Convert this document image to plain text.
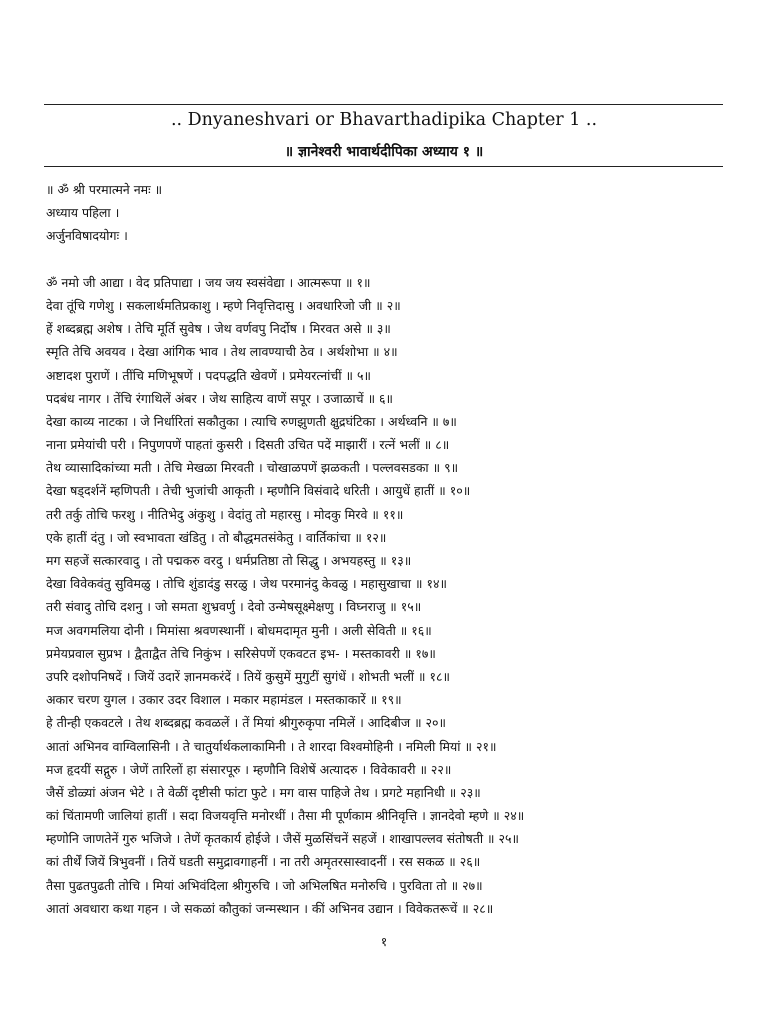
.. Dnyaneshvari or Bhavarthadipika Chapter 1 ..
॥ ज्ञानेश्वरी भावार्थदीपिका अध्याय १ ॥
॥ ॐ श्री परमात्मने नमः ॥
अध्याय पहिला ।
अर्जुनविषादयोगः ।
ॐ नमो जी आद्या । वेद प्रतिपाद्या । जय जय स्वसंवेद्या । आत्मरूपा ॥ १॥
देवा तूंचि गणेशु । सकलार्थमतिप्रकाशु । म्हणे निवृत्तिदासु । अवधारिजो जी ॥ २॥
हें शब्दब्रह्म अशेष । तेचि मूर्ति सुवेष । जेथ वर्णवपु निर्दोष । मिरवत असे ॥ ३॥
स्मृति तेचि अवयव । देखा आंगिक भाव । तेथ लावण्याची ठेव । अर्थशोभा ॥ ४॥
अष्टादश पुराणें । तींचि मणिभूषणें । पदपद्धति खेवणें । प्रमेयरत्नांचीं ॥ ५॥
पदबंध नागर । तेंचि रंगाथिलें अंबर । जेथ साहित्य वाणें सपूर । उजाळाचें ॥ ६॥
देखा काव्य नाटका । जे निर्धारितां सकौतुका । त्याचि रुणझुणती क्षुद्रघंटिका । अर्थध्वनि ॥ ७॥
नाना प्रमेयांची परी । निपुणपणें पाहतां कुसरी । दिसती उचित पदें माझारीं । रत्नें भलीं ॥ ८॥
तेथ व्यासादिकांच्या मती । तेचि मेखळा मिरवती । चोखाळपणें झळकती । पल्लवसडका ॥ ९॥
देखा षड्दर्शनें म्हणिपती । तेची भुजांची आकृती । म्हणौनि विसंवादे धरिती । आयुधें हातीं ॥ १०॥
तरी तर्कु तोचि फरशु । नीतिभेदु अंकुशु । वेदांतु तो महारसु । मोदकु मिरवे ॥ ११॥
एके हातीं दंतु । जो स्वभावता खंडितु । तो बौद्धमतसंकेतु । वार्तिकांचा ॥ १२॥
मग सहजें सत्कारवादु । तो पद्मकरु वरदु । धर्मप्रतिष्ठा तो सिद्धु । अभयहस्तु ॥ १३॥
देखा विवेकवंतु सुविमळु । तोचि शुंडादंडु सरळु । जेथ परमानंदु केवळु । महासुखाचा ॥ १४॥
तरी संवादु तोचि दशनु । जो समता शुभ्रवर्णु । देवो उन्मेषसूक्ष्मेक्षणु । विघ्नराजु ॥ १५॥
मज अवगमलिया दोनी । मिमांसा श्रवणस्थानीं । बोधमदामृत मुनी । अली सेविती ॥ १६॥
प्रमेयप्रवाल सुप्रभ । द्वैताद्वैत तेचि निकुंभ । सरिसेपणें एकवटत इभ- । मस्तकावरी ॥ १७॥
उपरि दशोपनिषदें । जियें उदारें ज्ञानमकरंदें । तियें कुसुमें मुगुटीं सुगंधें । शोभती भलीं ॥ १८॥
अकार चरण युगल । उकार उदर विशाल । मकार महामंडल । मस्तकाकारें ॥ १९॥
हे तीन्ही एकवटले । तेथ शब्दब्रह्म कवळलें । तें मियां श्रीगुरुकृपा नमिलें । आदिबीज ॥ २०॥
आतां अभिनव वाग्विलासिनी । ते चातुर्यार्थकलाकामिनी । ते शारदा विश्वमोहिनी । नमिली मियां ॥ २१॥
मज हृदयीं सद्गुरु । जेणें तारिलों हा संसारपूरु । म्हणौनि विशेषें अत्यादरु । विवेकावरी ॥ २२॥
जैसें डोळ्यां अंजन भेटे । ते वेळीं दृष्टीसी फांटा फुटे । मग वास पाहिजे तेथ । प्रगटे महानिधी ॥ २३॥
कां चिंतामणी जालियां हातीं । सदा विजयवृत्ति मनोरथीं । तैसा मी पूर्णकाम श्रीनिवृत्ति । ज्ञानदेवो म्हणे ॥ २४॥
म्हणोनि जाणतेनें गुरु भजिजे । तेणें कृतकार्य होईजे । जैसें मुळसिंचनें सहजें । शाखापल्लव संतोषती ॥ २५॥
कां तीर्थें जियें त्रिभुवनीं । तियें घडती समुद्रावगाहनीं । ना तरी अमृतरसास्वादनीं । रस सकळ ॥ २६॥
तैसा पुढतपुढती तोचि । मियां अभिवंदिला श्रीगुरुचि । जो अभिलषित मनोरुचि । पुरविता तो ॥ २७॥
आतां अवधारा कथा गहन । जे सकळां कौतुकां जन्मस्थान । कीं अभिनव उद्यान । विवेकतरूचें ॥ २८॥
१
